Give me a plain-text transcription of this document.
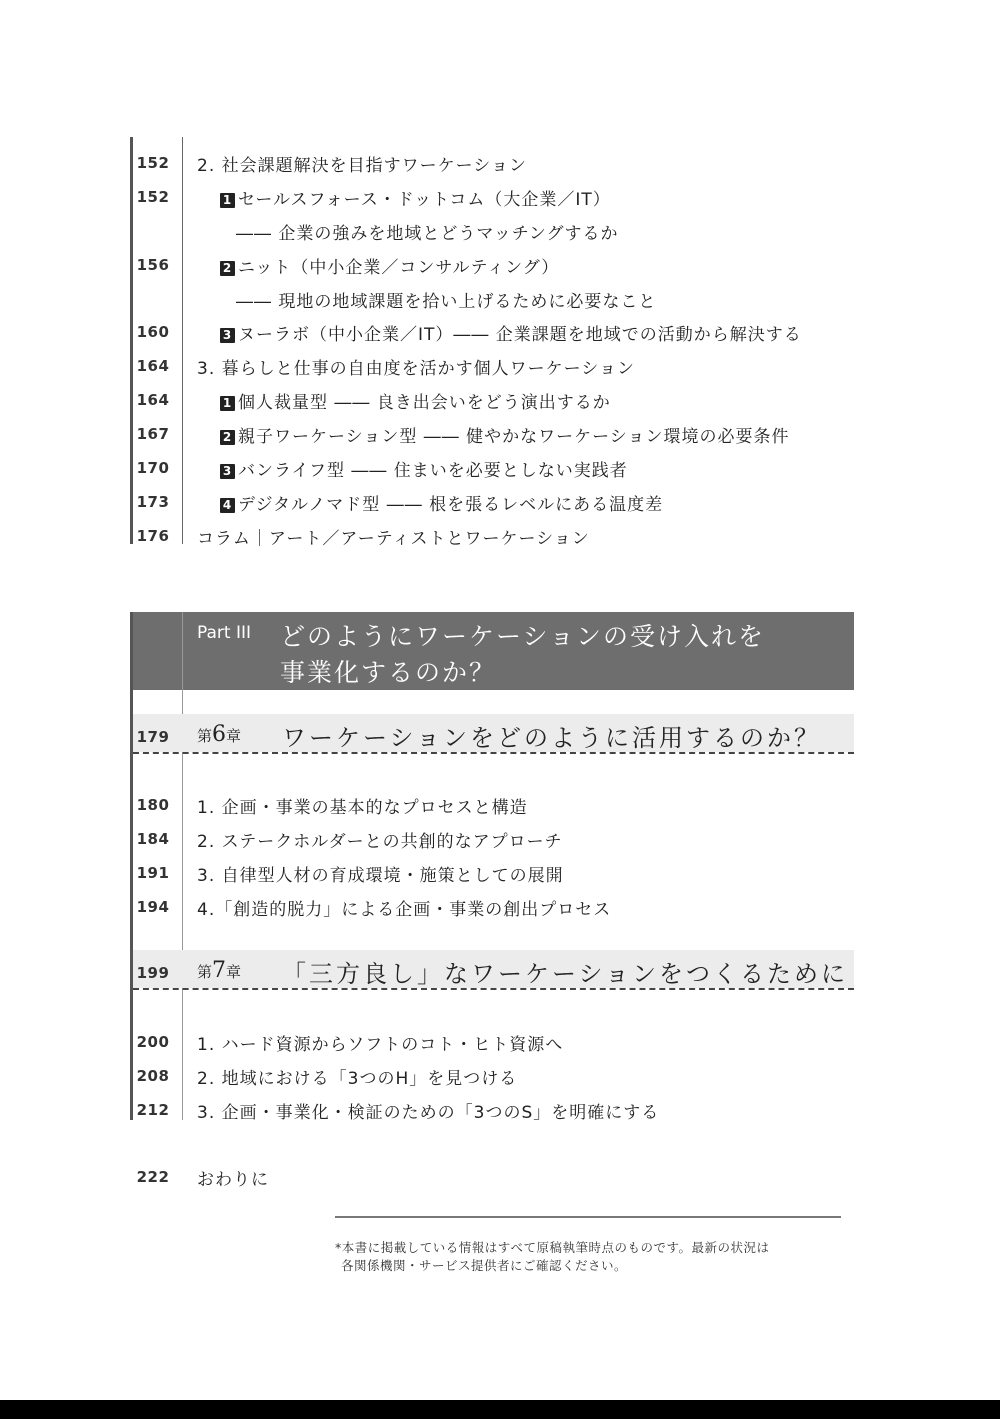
152 2. 社会課題解決を目指すワーケーション
152	1 セールスフォース・ドットコム（大企業／IT）
―― 企業の強みを地域とどうマッチングするか
156	2 ニット（中小企業／コンサルティング）
―― 現地の地域課題を拾い上げるために必要なこと
160	3 ヌーラボ（中小企業／IT）―― 企業課題を地域での活動から解決する
164 3. 暮らしと仕事の自由度を活かす個人ワーケーション
164	1 個人裁量型 ―― 良き出会いをどう演出するか
167	2 親子ワーケーション型 ―― 健やかなワーケーション環境の必要条件
170	3 バンライフ型 ―― 住まいを必要としない実践者
173	4 デジタルノマド型 ―― 根を張るレベルにある温度差
176 コラム｜アート／アーティストとワーケーション
Part III どのようにワーケーションの受け入れを
事業化するのか？
179 第6章 ワーケーションをどのように活用するのか？
180 1. 企画・事業の基本的なプロセスと構造
184 2. ステークホルダーとの共創的なアプローチ
191 3. 自律型人材の育成環境・施策としての展開
194 4.「創造的脱力」による企画・事業の創出プロセス
199 第7章 「三方良し」なワーケーションをつくるために
200 1. ハード資源からソフトのコト・ヒト資源へ
208 2. 地域における「3つのH」を見つける
212 3. 企画・事業化・検証のための「3つのS」を明確にする
222 おわりに
*本書に掲載している情報はすべて原稿執筆時点のものです。最新の状況は
各関係機関・サービス提供者にご確認ください。
